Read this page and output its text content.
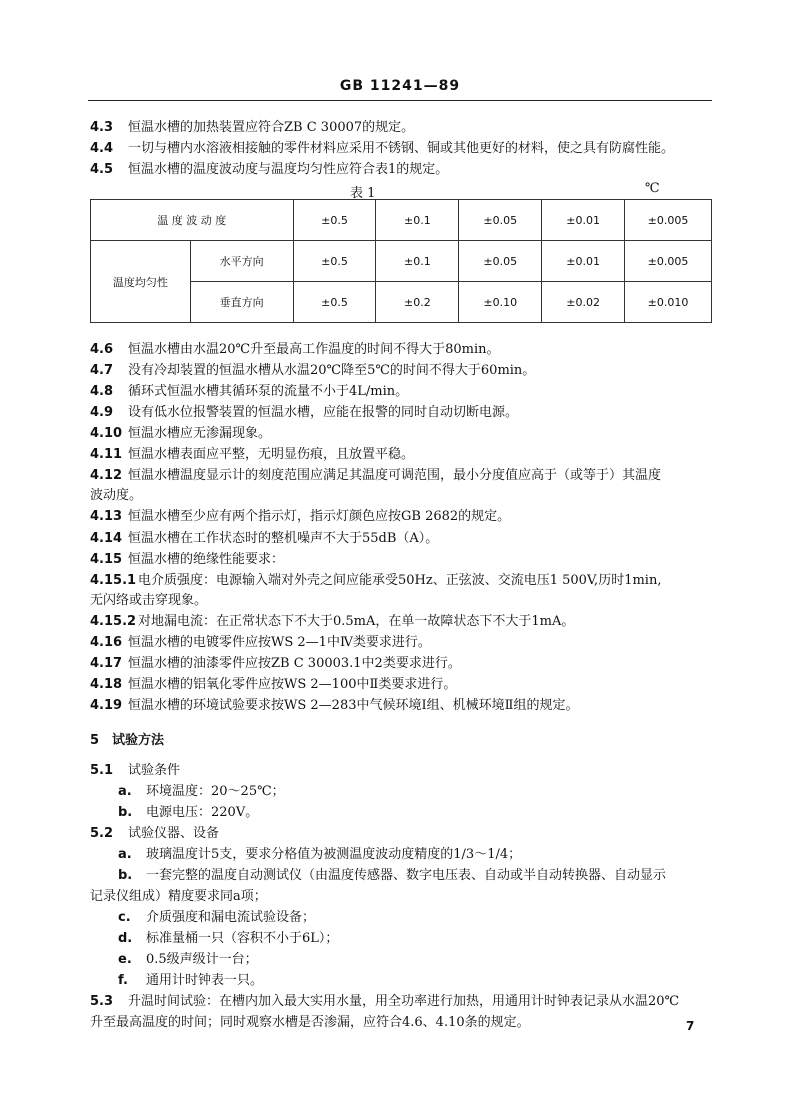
GB 11241—89
4.3 恒温水槽的加热装置应符合ZB C 30007的规定。
4.4 一切与槽内水溶液相接触的零件材料应采用不锈钢、铜或其他更好的材料，使之具有防腐性能。
4.5 恒温水槽的温度波动度与温度均匀性应符合表1的规定。
表 1	℃
温 度 波 动 度		±0.5	±0.1	±0.05	±0.01	±0.005
温度均匀性	水平方向	±0.5	±0.1	±0.05	±0.01	±0.005
	垂直方向	±0.5	±0.2	±0.10	±0.02	±0.010
4.6 恒温水槽由水温20℃升至最高工作温度的时间不得大于80min。
4.7 没有冷却装置的恒温水槽从水温20℃降至5℃的时间不得大于60min。
4.8 循环式恒温水槽其循环泵的流量不小于4L/min。
4.9 设有低水位报警装置的恒温水槽，应能在报警的同时自动切断电源。
4.10 恒温水槽应无渗漏现象。
4.11 恒温水槽表面应平整，无明显伤痕，且放置平稳。
4.12 恒温水槽温度显示计的刻度范围应满足其温度可调范围，最小分度值应高于（或等于）其温度
波动度。
4.13 恒温水槽至少应有两个指示灯，指示灯颜色应按GB 2682的规定。
4.14 恒温水槽在工作状态时的整机噪声不大于55dB（A）。
4.15 恒温水槽的绝缘性能要求：
4.15.1 电介质强度：电源输入端对外壳之间应能承受50Hz、正弦波、交流电压1 500V,历时1min,
无闪络或击穿现象。
4.15.2 对地漏电流：在正常状态下不大于0.5mA，在单一故障状态下不大于1mA。
4.16 恒温水槽的电镀零件应按WS 2—1中Ⅳ类要求进行。
4.17 恒温水槽的油漆零件应按ZB C 30003.1中2类要求进行。
4.18 恒温水槽的铝氧化零件应按WS 2—100中Ⅱ类要求进行。
4.19 恒温水槽的环境试验要求按WS 2—283中气候环境Ⅰ组、机械环境Ⅱ组的规定。
5 试验方法
5.1 试验条件
a. 环境温度：20～25℃；
b. 电源电压：220V。
5.2 试验仪器、设备
a. 玻璃温度计5支，要求分格值为被测温度波动度精度的1/3～1/4；
b. 一套完整的温度自动测试仪（由温度传感器、数字电压表、自动或半自动转换器、自动显示
记录仪组成）精度要求同a项；
c. 介质强度和漏电流试验设备；
d. 标准量桶一只（容积不小于6L）；
e. 0.5级声级计一台；
f. 通用计时钟表一只。
5.3 升温时间试验：在槽内加入最大实用水量，用全功率进行加热，用通用计时钟表记录从水温20℃
升至最高温度的时间；同时观察水槽是否渗漏，应符合4.6、4.10条的规定。	7
